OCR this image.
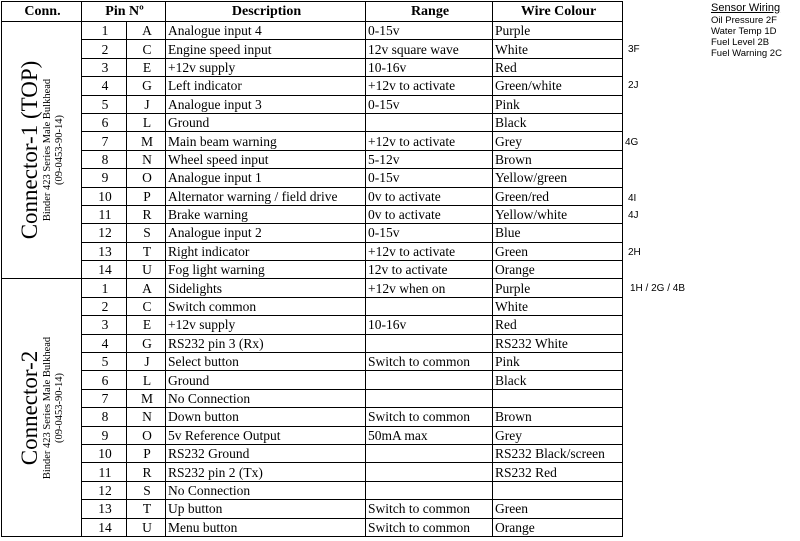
Conn.	Pin Nº		Description	Range	Wire Colour

Connector-1 (TOP) Binder 423 Series Male Bulkhead (09-0453-90-14)	1	A	Analogue input 4	0-15v	Purple
	2	C	Engine speed input	12v square wave	White
	3	E	+12v supply	10-16v	Red
	4	G	Left indicator	+12v to activate	Green/white
	5	J	Analogue input 3	0-15v	Pink
	6	L	Ground		Black
	7	M	Main beam warning	+12v to activate	Grey
	8	N	Wheel speed input	5-12v	Brown
	9	O	Analogue input 1	0-15v	Yellow/green
	10	P	Alternator warning / field drive	0v to activate	Green/red
	11	R	Brake warning	0v to activate	Yellow/white
	12	S	Analogue input 2	0-15v	Blue
	13	T	Right indicator	+12v to activate	Green
	14	U	Fog light warning	12v to activate	Orange

Connector-2 Binder 423 Series Male Bulkhead (09-0453-90-14)	1	A	Sidelights	+12v when on	Purple
	2	C	Switch common		White
	3	E	+12v supply	10-16v	Red
	4	G	RS232 pin 3 (Rx)		RS232 White
	5	J	Select button	Switch to common	Pink
	6	L	Ground		Black
	7	M	No Connection		
	8	N	Down button	Switch to common	Brown
	9	O	5v Reference Output	50mA max	Grey
	10	P	RS232 Ground		RS232 Black/screen
	11	R	RS232 pin 2 (Tx)		RS232 Red
	12	S	No Connection		
	13	T	Up button	Switch to common	Green
	14	U	Menu button	Switch to common	Orange
3F
2J
4G
4I
4J
2H
1H / 2G / 4B
Sensor Wiring
Oil Pressure 2F
Water Temp 1D
Fuel Level 2B
Fuel Warning 2C
